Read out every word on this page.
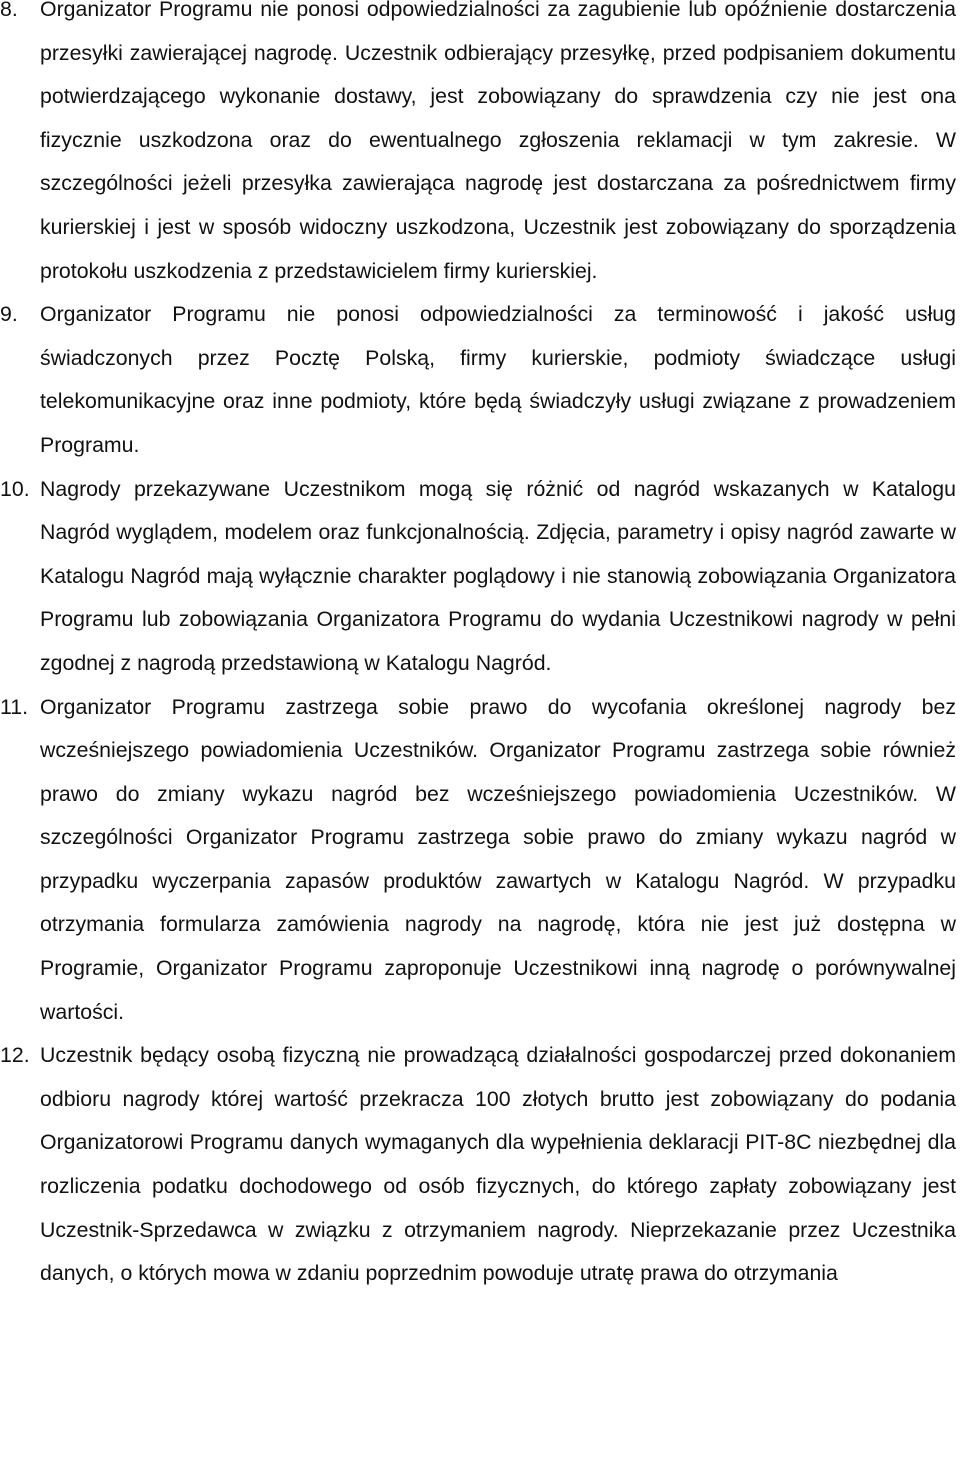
8.	Organizator Programu nie ponosi odpowiedzialności za zagubienie lub opóźnienie dostarczenia przesyłki zawierającej nagrodę. Uczestnik odbierający przesyłkę, przed podpisaniem dokumentu potwierdzającego wykonanie dostawy, jest zobowiązany do sprawdzenia czy nie jest ona fizycznie uszkodzona oraz do ewentualnego zgłoszenia reklamacji w tym zakresie. W szczególności jeżeli przesyłka zawierająca nagrodę jest dostarczana za pośrednictwem firmy kurierskiej i jest w sposób widoczny uszkodzona, Uczestnik jest zobowiązany do sporządzenia protokołu uszkodzenia z przedstawicielem firmy kurierskiej.
9.	Organizator Programu nie ponosi odpowiedzialności za terminowość i jakość usług świadczonych przez Pocztę Polską, firmy kurierskie, podmioty świadczące usługi telekomunikacyjne oraz inne podmioty, które będą świadczyły usługi związane z prowadzeniem Programu.
10. Nagrody przekazywane Uczestnikom mogą się różnić od nagród wskazanych w Katalogu Nagród wyglądem, modelem oraz funkcjonalnością. Zdjęcia, parametry i opisy nagród zawarte w Katalogu Nagród mają wyłącznie charakter poglądowy i nie stanowią zobowiązania Organizatora Programu lub zobowiązania Organizatora Programu do wydania Uczestnikowi nagrody w pełni zgodnej z nagrodą przedstawioną w Katalogu Nagród.
11. Organizator Programu zastrzega sobie prawo do wycofania określonej nagrody bez wcześniejszego powiadomienia Uczestników. Organizator Programu zastrzega sobie również prawo do zmiany wykazu nagród bez wcześniejszego powiadomienia Uczestników. W szczególności Organizator Programu zastrzega sobie prawo do zmiany wykazu nagród w przypadku wyczerpania zapasów produktów zawartych w Katalogu Nagród. W przypadku otrzymania formularza zamówienia nagrody na nagrodę, która nie jest już dostępna w Programie, Organizator Programu zaproponuje Uczestnikowi inną nagrodę o porównywalnej wartości.
12. Uczestnik będący osobą fizyczną nie prowadzącą działalności gospodarczej przed dokonaniem odbioru nagrody której wartość przekracza 100 złotych brutto jest zobowiązany do podania Organizatorowi Programu danych wymaganych dla wypełnienia deklaracji PIT-8C niezbędnej dla rozliczenia podatku dochodowego od osób fizycznych, do którego zapłaty zobowiązany jest Uczestnik-Sprzedawca w związku z otrzymaniem nagrody. Nieprzekazanie przez Uczestnika danych, o których mowa w zdaniu poprzednim powoduje utratę prawa do otrzymania
